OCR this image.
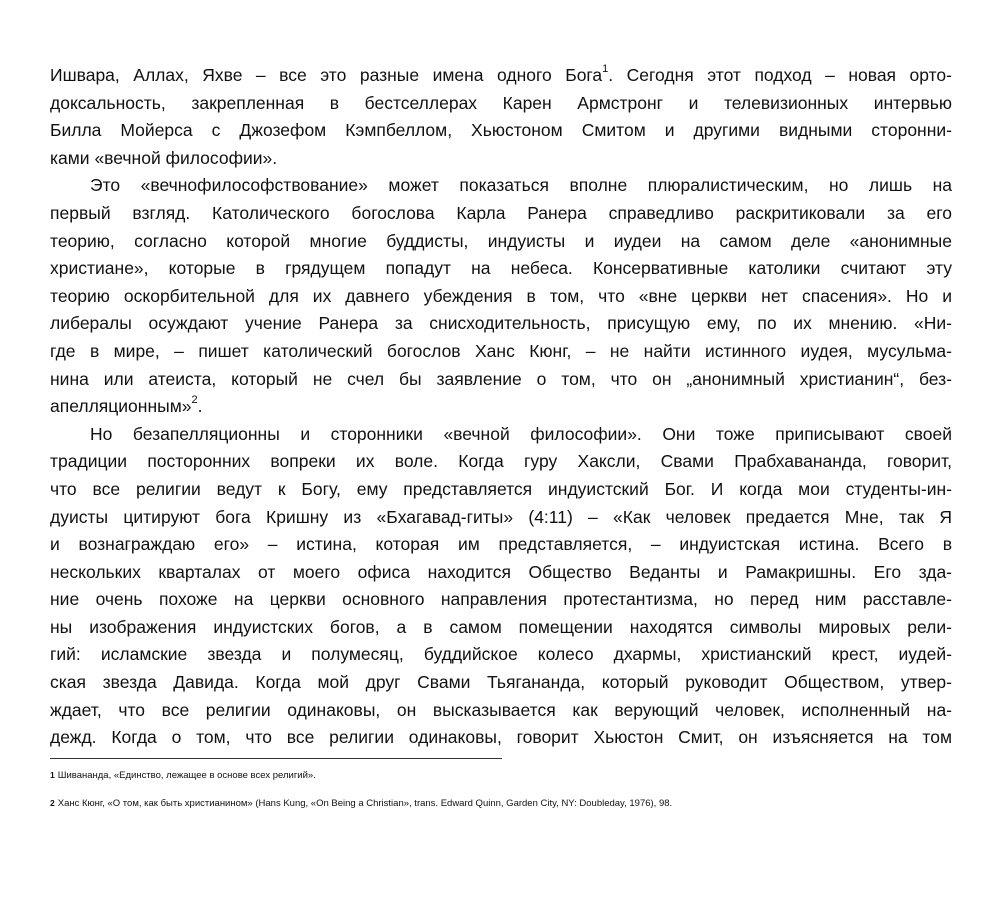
Ишвара, Аллах, Яхве – все это разные имена одного Бога$^1$. Сегодня этот подход – новая орто-
доксальность, закрепленная в бестселлерах Карен Армстронг и телевизионных интервью
Билла Мойерса с Джозефом Кэмпбеллом, Хьюстоном Смитом и другими видными сторонни-
ками «вечной философии».
Это «вечнофилософствование» может показаться вполне плюралистическим, но лишь на
первый взгляд. Католического богослова Карла Ранера справедливо раскритиковали за его
теорию, согласно которой многие буддисты, индуисты и иудеи на самом деле «анонимные
христиане», которые в грядущем попадут на небеса. Консервативные католики считают эту
теорию оскорбительной для их давнего убеждения в том, что «вне церкви нет спасения». Но и
либералы осуждают учение Ранера за снисходительность, присущую ему, по их мнению. «Ни-
где в мире, – пишет католический богослов Ханс Кюнг, – не найти истинного иудея, мусульма-
нина или атеиста, который не счел бы заявление о том, что он „анонимный христианин“, без-
апелляционным»$^2$.
Но безапелляционны и сторонники «вечной философии». Они тоже приписывают своей
традиции посторонних вопреки их воле. Когда гуру Хаксли, Свами Прабхавананда, говорит,
что все религии ведут к Богу, ему представляется индуистский Бог. И когда мои студенты-ин-
дуисты цитируют бога Кришну из «Бхагавад-гиты» (4:11) – «Как человек предается Мне, так Я
и вознаграждаю его» – истина, которая им представляется, – индуистская истина. Всего в
нескольких кварталах от моего офиса находится Общество Веданты и Рамакришны. Его зда-
ние очень похоже на церкви основного направления протестантизма, но перед ним расставле-
ны изображения индуистских богов, а в самом помещении находятся символы мировых рели-
гий: исламские звезда и полумесяц, буддийское колесо дхармы, христианский крест, иудей-
ская звезда Давида. Когда мой друг Свами Тьягананда, который руководит Обществом, утвер-
ждает, что все религии одинаковы, он высказывается как верующий человек, исполненный на-
дежд. Когда о том, что все религии одинаковы, говорит Хьюстон Смит, он изъясняется на том
$^1$ Шивананда, «Единство, лежащее в основе всех религий».
$^2$ Ханс Кюнг, «О том, как быть христианином» (Hans Kung, «On Being a Christian», trans. Edward Quinn, Garden City, NY: Doubleday, 1976), 98.
